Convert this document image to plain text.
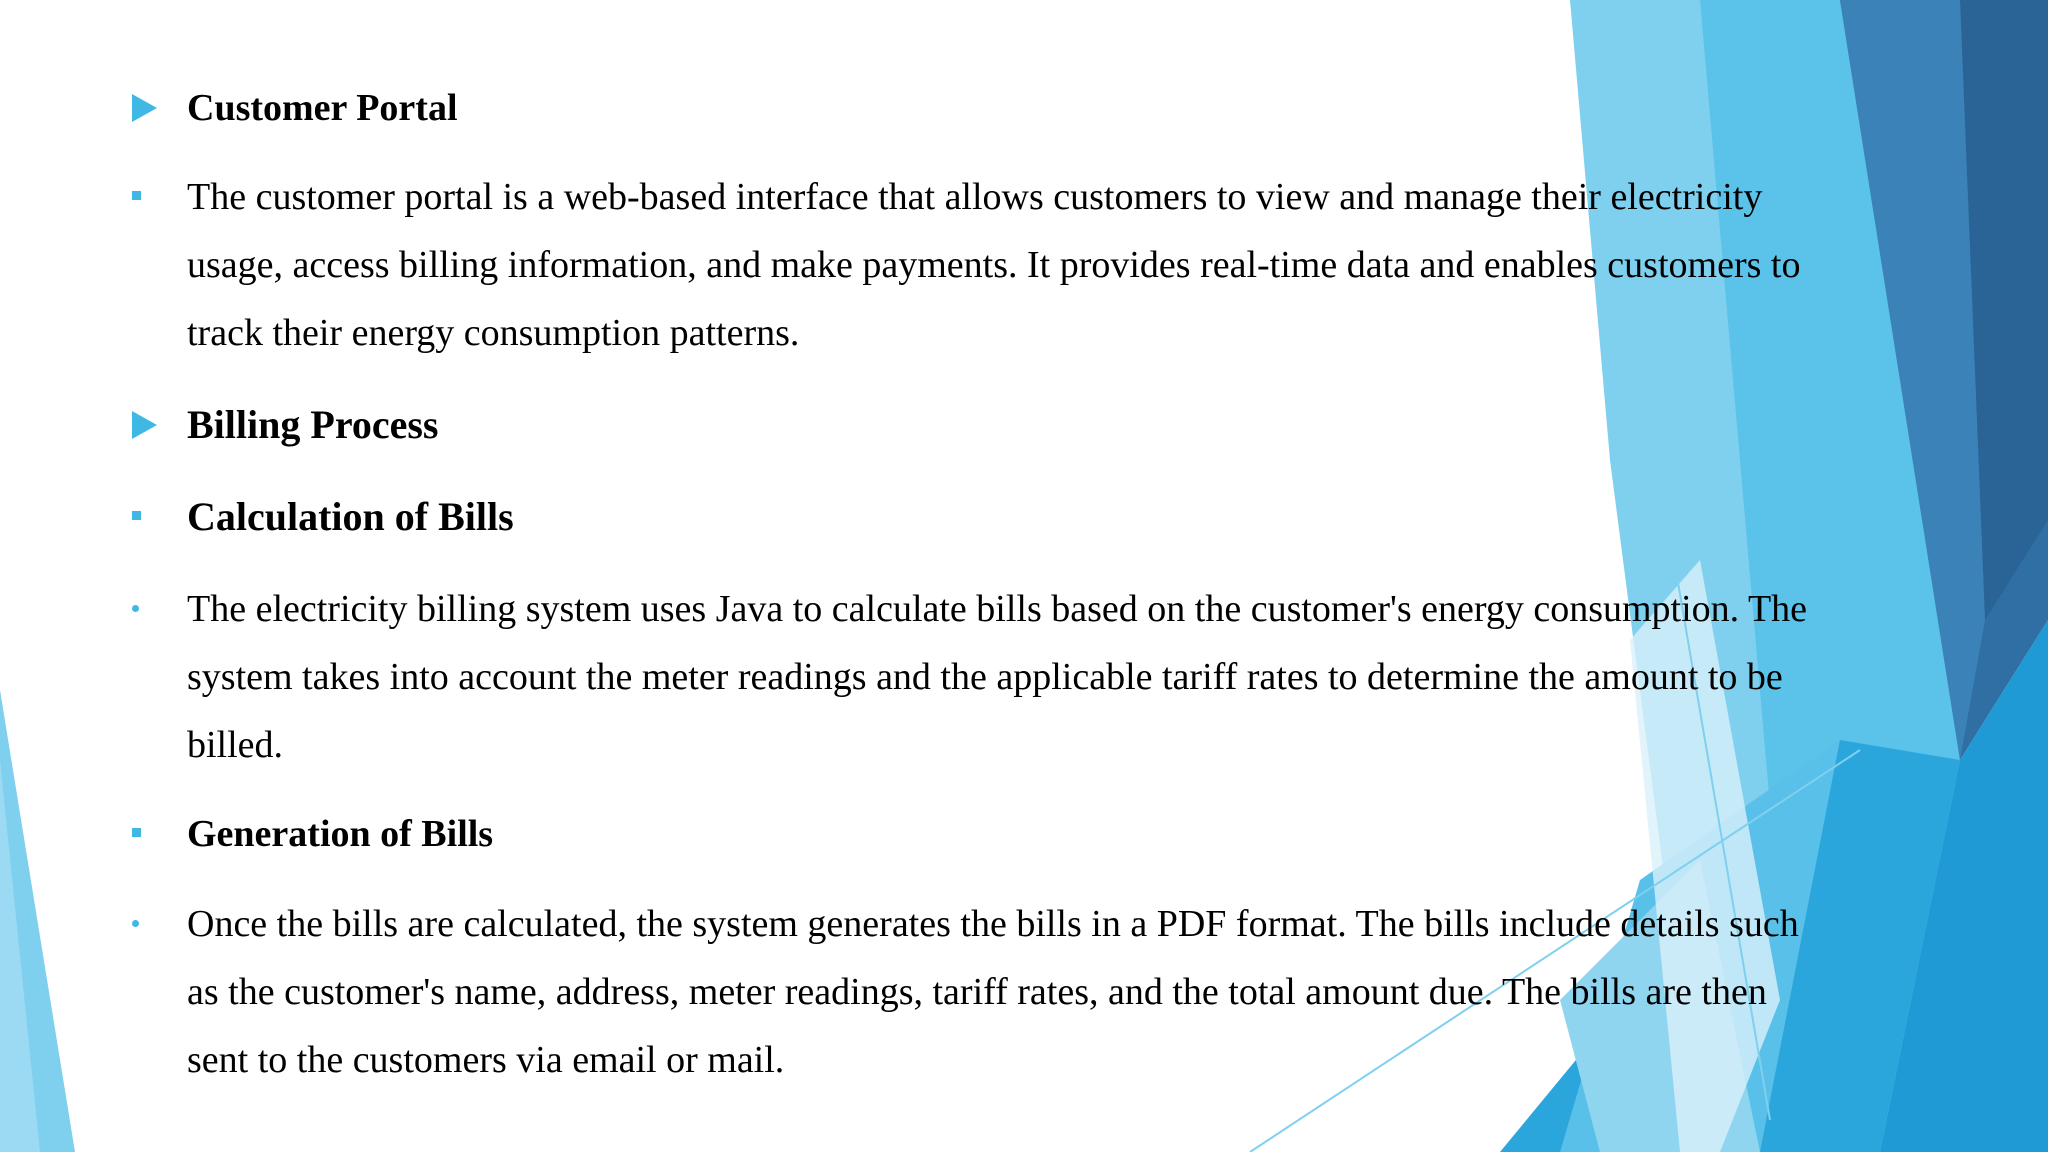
Customer Portal
The customer portal is a web-based interface that allows customers to view and manage their electricity
usage, access billing information, and make payments. It provides real-time data and enables customers to
track their energy consumption patterns.
Billing Process
Calculation of Bills
The electricity billing system uses Java to calculate bills based on the customer's energy consumption. The
system takes into account the meter readings and the applicable tariff rates to determine the amount to be
billed.
Generation of Bills
Once the bills are calculated, the system generates the bills in a PDF format. The bills include details such
as the customer's name, address, meter readings, tariff rates, and the total amount due. The bills are then
sent to the customers via email or mail.
